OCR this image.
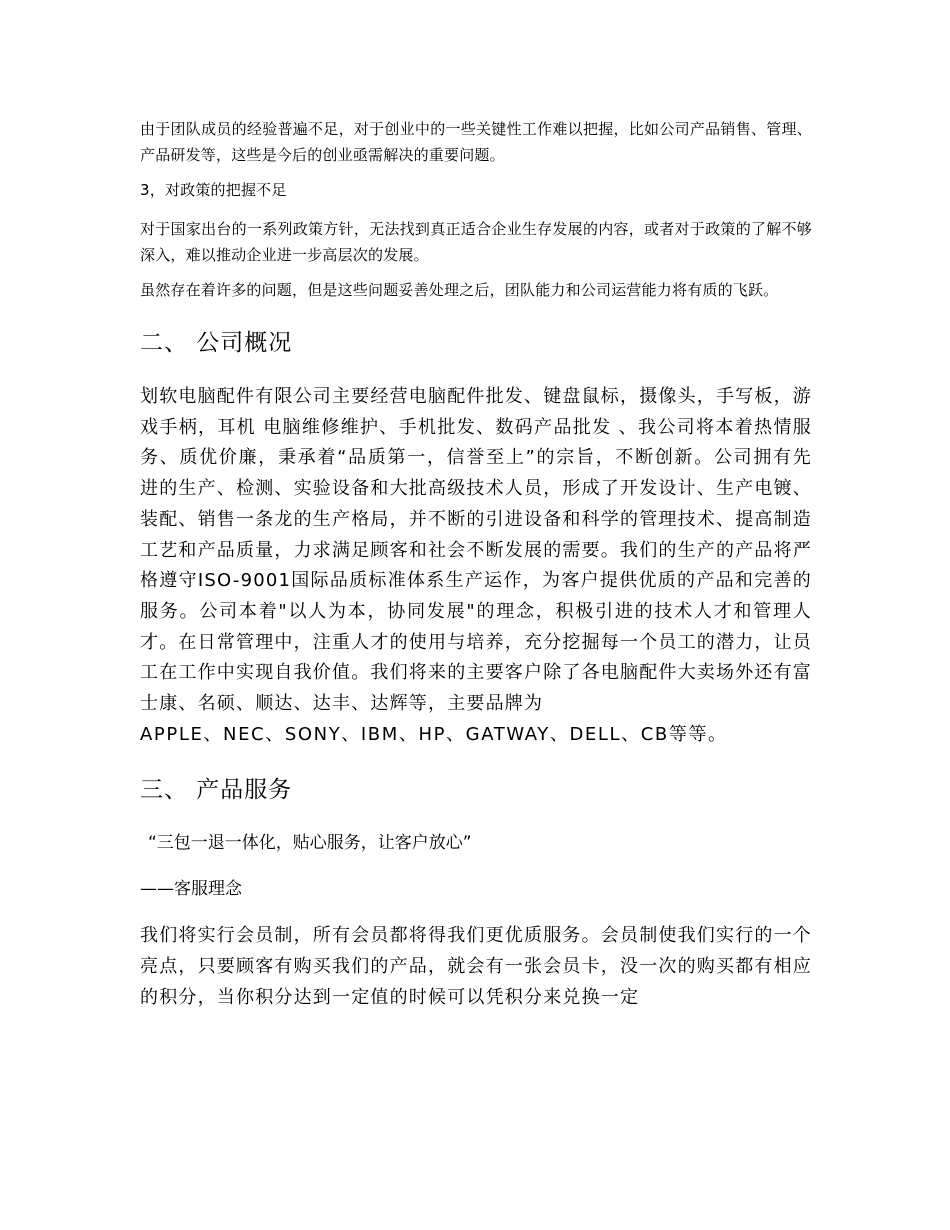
由于团队成员的经验普遍不足，对于创业中的一些关键性工作难以把握，比如公司产品销售、管理、产品研发等，这些是今后的创业亟需解决的重要问题。

3，对政策的把握不足

对于国家出台的一系列政策方针，无法找到真正适合企业生存发展的内容，或者对于政策的了解不够深入，难以推动企业进一步高层次的发展。

虽然存在着许多的问题，但是这些问题妥善处理之后，团队能力和公司运营能力将有质的飞跃。

二、 公司概况

划软电脑配件有限公司主要经营电脑配件批发、键盘鼠标，摄像头，手写板，游戏手柄，耳机 电脑维修维护、手机批发、数码产品批发 、我公司将本着热情服务、质优价廉，秉承着“品质第一，信誉至上”的宗旨，不断创新。公司拥有先进的生产、检测、实验设备和大批高级技术人员，形成了开发设计、生产电镀、装配、销售一条龙的生产格局，并不断的引进设备和科学的管理技术、提高制造工艺和产品质量，力求满足顾客和社会不断发展的需要。我们的生产的产品将严格遵守ISO-9001国际品质标准体系生产运作，为客户提供优质的产品和完善的服务。公司本着"以人为本，协同发展"的理念，积极引进的技术人才和管理人才。在日常管理中，注重人才的使用与培养，充分挖掘每一个员工的潜力，让员工在工作中实现自我价值。我们将来的主要客户除了各电脑配件大卖场外还有富士康、名硕、顺达、达丰、达辉等，主要品牌为
APPLE、NEC、SONY、IBM、HP、GATWAY、DELL、CB等等。

三、 产品服务

“三包一退一体化，贴心服务，让客户放心”

——客服理念

我们将实行会员制，所有会员都将得我们更优质服务。会员制使我们实行的一个亮点，只要顾客有购买我们的产品，就会有一张会员卡，没一次的购买都有相应的积分，当你积分达到一定值的时候可以凭积分来兑换一定
